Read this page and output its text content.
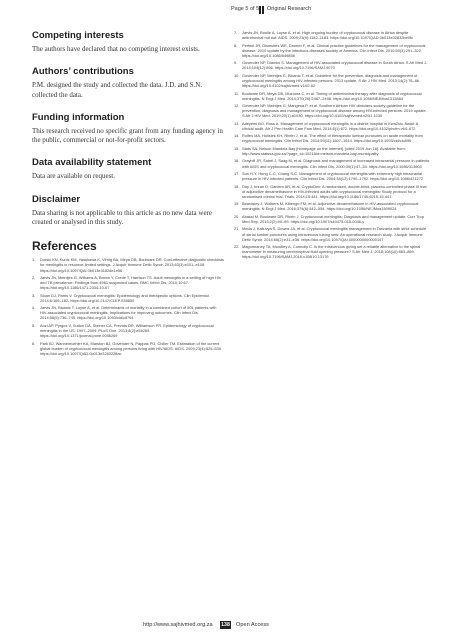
Page 5 of 5 Original Research
Competing interests

The authors have declared that no competing interest exists.

Authors’ contributions

P.M. designed the study and collected the data. J.D. and S.N. collected the data.

Funding information

This research received no specific grant from any funding agency in the public, commercial or not-for-profit sectors.

Data availability statement

Data are available on request.

Disclaimer

Data sharing is not applicable to this article as no new data were created or analysed in this study.

References
1. Durski KN, Kuntz KM, Yasukawa K, Virnig BA, Meya DB, Boulware DR. Cost-effective diagnostic checklists for meningitis in resource-limited settings. J Acquir Immune Defic Syndr. 2013;63(3):e101–e108. https://doi.org/10.1097/QAI.0b013e31828e1e56
2. Jarvis JN, Meintjes G, Williams A, Brown Y, Crede T, Harrison TS. Adult meningitis in a setting of high HIV and TB prevalence: Findings from 4961 suspected cases. BMC Infect Dis. 2010;10:67. https://doi.org/10.1186/1471-2334-10-67
3. Sloan DJ, Parris V. Cryptococcal meningitis: Epidemiology and therapeutic options. Clin Epidemiol. 2014;6:169–182. https://doi.org/10.2147/CLEP.S38850
4. Jarvis JN, Bicanic T, Loyse A, et al. Determinants of mortality in a combined cohort of 501 patients with HIV-associated cryptococcal meningitis: Implications for improving outcomes. Clin Infect Dis. 2014;58(5):736–745. https://doi.org/10.1093/cid/cit794
5. Anzi AP, Pyrgos V, Sutton DA, Steiner CA, Prevots DR, Williamson PR. Epidemiology of cryptococcal meningitis in the US: 1997–2009. PLoS One. 2013;8(2):e56269. https://doi.org/10.1371/journal.pone.0056269
6. Park BJ, Wannemuehler KA, Marston BJ, Govender N, Pappas PG, Chiller TM. Estimation of the current global burden of cryptococcal meningitis among persons living with HIV/AIDS. AIDS. 2009;23(4):525–530. https://doi.org/10.1097/QAD.0b013e328322ffac
7. Jarvis JN, Boulle A, Loyse A, et al. High ongoing burden of cryptococcal disease in Africa despite antiretroviral roll out. AIDS. 2009;23(9):1182–1183. https://doi.org/10.1097/QAD.0b013e32832be0fc
8. Perfect JR, Dismukes WE, Dromer F, et al. Clinical practice guidelines for the management of cryptococcal disease: 2010 update by the infectious diseases society of America. Clin Infect Dis. 2010;50(3):291–322. https://doi.org/10.1086/649858
9. Govender NP, Dlamini S. Management of HIV-associated cryptococcal disease in South Africa. S Afr Med J. 2014;104(12):896. https://doi.org/10.7196/SAMJ.9070
10. Govender NP, Meintjes G, Bicanic T, et al. Guideline for the prevention, diagnosis and management of cryptococcal meningitis among HIV-infected persons: 2013 update. S Afr J HIV Med. 2013;14(2):76–86. https://doi.org/10.4102/sajhivmed.v14i2.82
11. Boulware DR, Meya DB, Muzoora C, et al. Timing of antiretroviral therapy after diagnosis of cryptococcal meningitis. N Engl J Med. 2014;370(26):2487–2498. https://doi.org/10.1056/NEJMoa1312884
12. Govender NP, Meintjes G, Mangena P, et al. Southern African HIV clinicians society guideline for the prevention, diagnosis and management of cryptococcal disease among HIV-infected persons: 2019 update. S Afr J HIV Med. 2019;20(1):a1030. https://doi.org/10.4102/sajhivmed.v20i1.1030
13. Adeyemi BO, Ross A. Management of cryptococcal meningitis in a district hospital in KwaZulu-Natal: A clinical audit. Afr J Prm Health Care Fam Med. 2014;6(1):672. https://doi.org/10.4102/phcfm.v6i1.672
14. Rolfes MA, Hullsiek KH, Rhein J, et al. The effect of therapeutic lumbar punctures on acute mortality from cryptococcal meningitis. Clin Infect Dis. 2014;59(11):1607–1614. https://doi.org/10.1093/cid/ciu596
15. Stats SA: Nelson Mandela Bay [homepage on the Internet]. [cited 2019 Jun 18]. Available from: http://www.statssa.gov.za/?page_id=1021&id=nelson-mandela-bay-municipality
16. Graybill JR, Sobel J, Saag M, et al. Diagnosis and management of increased intracranial pressure in patients with AIDS and cryptococcal meningitis. Clin Infect Dis. 2000;30(1):47–54. https://doi.org/10.1086/313603
17. Sun H-Y, Hung C-C, Chang S-C. Management of cryptococcal meningitis with extremely high intracranial pressure in HIV-infected patients. Clin Infect Dis. 2004;38(12):1790–1792. https://doi.org/10.1086/421272
18. Day J, Imran D, Ganiem AR, et al. CryptoDex: A randomised, double-blind, placebo-controlled phase III trial of adjunctive dexamethasone in HIV-infected adults with cryptococcal meningitis: Study protocol for a randomised control trial. Trials. 2014;15:441. https://doi.org/10.1186/1745-6215-15-441
19. Beardsley J, Wolbers M, Kibengo FM, et al. Adjunctive dexamethasone in HIV-associated cryptococcal meningitis. N Engl J Med. 2016;374(6):542–554. https://doi.org/10.1056/NEJMoa1509024
20. Abassi M, Boulware DR, Rhein J. Cryptococcal meningitis: Diagnosis and management update. Curr Trop Med Rep. 2015;2(2):90–99. https://doi.org/10.1007/s40475-015-0046-y
21. Meda J, Kalluvya S, Downs JA, et al. Cryptococcal meningitis management in Tanzania with strict schedule of serial lumber punctures using intravenous tubing sets: An operational research study. J Acquir Immune Defic Syndr. 2014;66(2):e31–e36. https://doi.org/10.1097/QAI.0000000000000147
22. Magormaney TA, Moodley A, Connolly C. Is the intravenous giving set a reliable alternative to the spinal manometer in measuring cerebrospinal fluid opening pressure? S Afr Med J. 2018;108(10):863–869. https://doi.org/10.7196/SAMJ.2018.v108i10.13176
http://www.sajhivmed.org.za 138 Open Access
